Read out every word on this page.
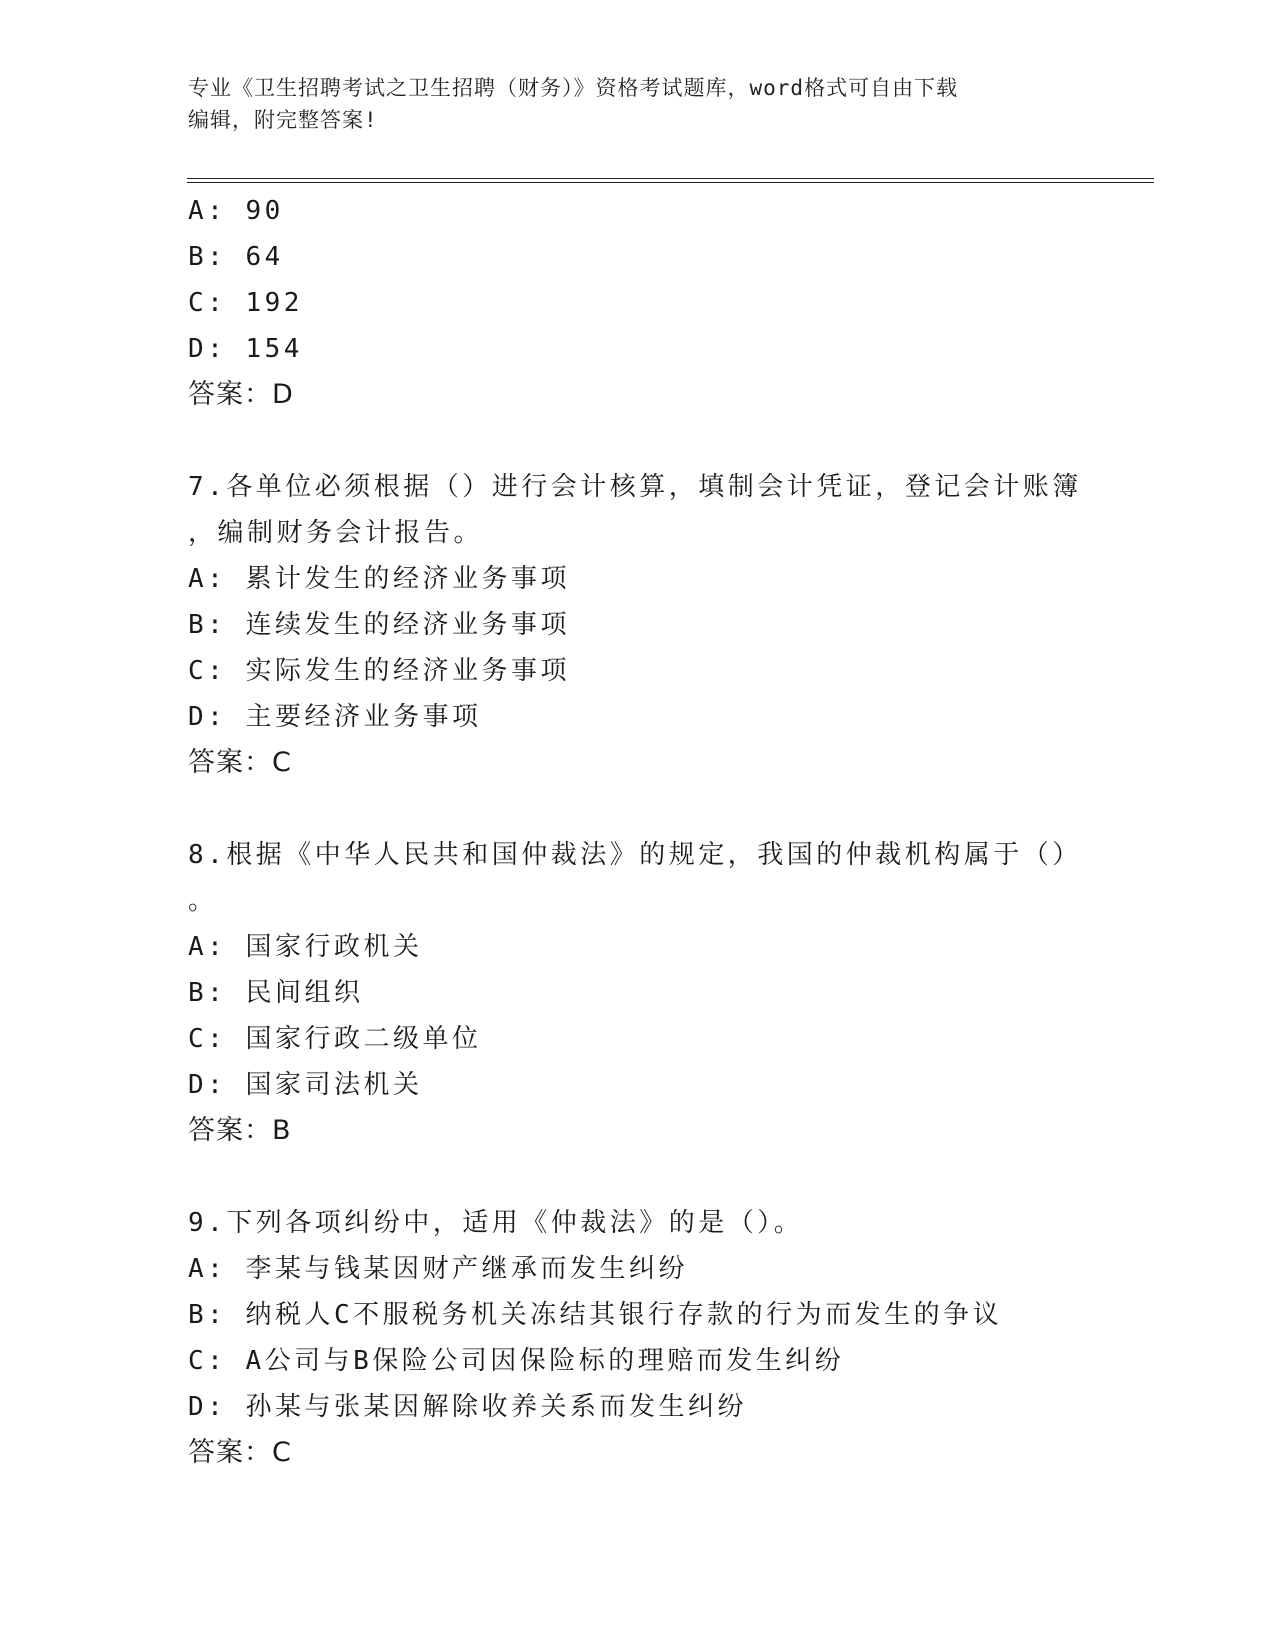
专业《卫生招聘考试之卫生招聘（财务）》资格考试题库，word格式可自由下载
编辑，附完整答案!
A: 90
B: 64
C: 192
D: 154
答案：D
7.各单位必须根据（）进行会计核算，填制会计凭证，登记会计账簿
，编制财务会计报告。
A: 累计发生的经济业务事项
B: 连续发生的经济业务事项
C: 实际发生的经济业务事项
D: 主要经济业务事项
答案：C
8.根据《中华人民共和国仲裁法》的规定，我国的仲裁机构属于（）
。
A: 国家行政机关
B: 民间组织
C: 国家行政二级单位
D: 国家司法机关
答案：B
9.下列各项纠纷中，适用《仲裁法》的是（）。
A: 李某与钱某因财产继承而发生纠纷
B: 纳税人C不服税务机关冻结其银行存款的行为而发生的争议
C: A公司与B保险公司因保险标的理赔而发生纠纷
D: 孙某与张某因解除收养关系而发生纠纷
答案：C
